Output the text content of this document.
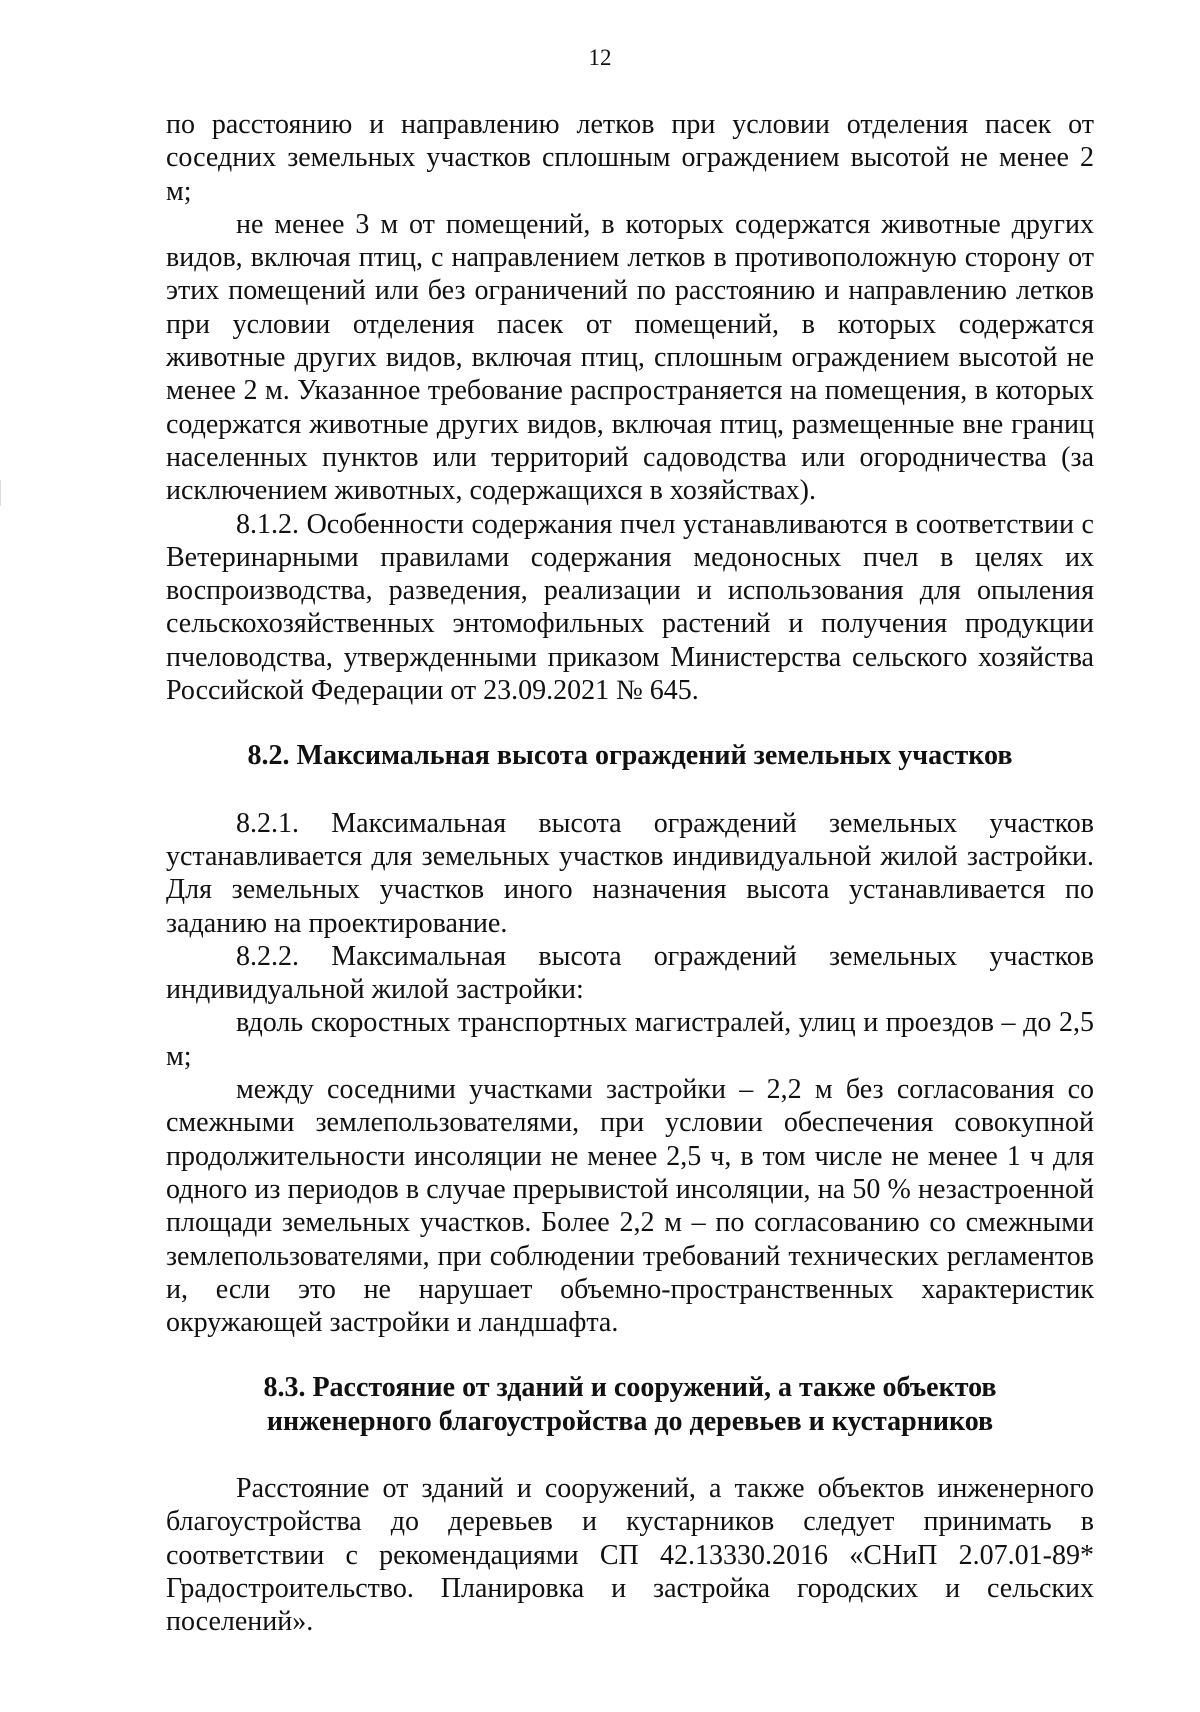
12

по расстоянию и направлению летков при условии отделения пасек от соседних земельных участков сплошным ограждением высотой не менее 2 м;

не менее 3 м от помещений, в которых содержатся животные других видов, включая птиц, с направлением летков в противоположную сторону от этих помещений или без ограничений по расстоянию и направлению летков при условии отделения пасек от помещений, в которых содержатся животные других видов, включая птиц, сплошным ограждением высотой не менее 2 м. Указанное требование распространяется на помещения, в которых содержатся животные других видов, включая птиц, размещенные вне границ населенных пунктов или территорий садоводства или огородничества (за исключением животных, содержащихся в хозяйствах).

8.1.2. Особенности содержания пчел устанавливаются в соответствии с Ветеринарными правилами содержания медоносных пчел в целях их воспроизводства, разведения, реализации и использования для опыления сельскохозяйственных энтомофильных растений и получения продукции пчеловодства, утвержденными приказом Министерства сельского хозяйства Российской Федерации от 23.09.2021 № 645.

8.2. Максимальная высота ограждений земельных участков

8.2.1. Максимальная высота ограждений земельных участков устанавливается для земельных участков индивидуальной жилой застройки. Для земельных участков иного назначения высота устанавливается по заданию на проектирование.

8.2.2. Максимальная высота ограждений земельных участков индивидуальной жилой застройки:

вдоль скоростных транспортных магистралей, улиц и проездов – до 2,5 м;

между соседними участками застройки – 2,2 м без согласования со смежными землепользователями, при условии обеспечения совокупной продолжительности инсоляции не менее 2,5 ч, в том числе не менее 1 ч для одного из периодов в случае прерывистой инсоляции, на 50 % незастроенной площади земельных участков. Более 2,2 м – по согласованию со смежными землепользователями, при соблюдении требований технических регламентов и, если это не нарушает объемно-пространственных характеристик окружающей застройки и ландшафта.

8.3. Расстояние от зданий и сооружений, а также объектов
инженерного благоустройства до деревьев и кустарников

Расстояние от зданий и сооружений, а также объектов инженерного благоустройства до деревьев и кустарников следует принимать в соответствии с рекомендациями СП 42.13330.2016 «СНиП 2.07.01-89* Градостроительство. Планировка и застройка городских и сельских поселений».
